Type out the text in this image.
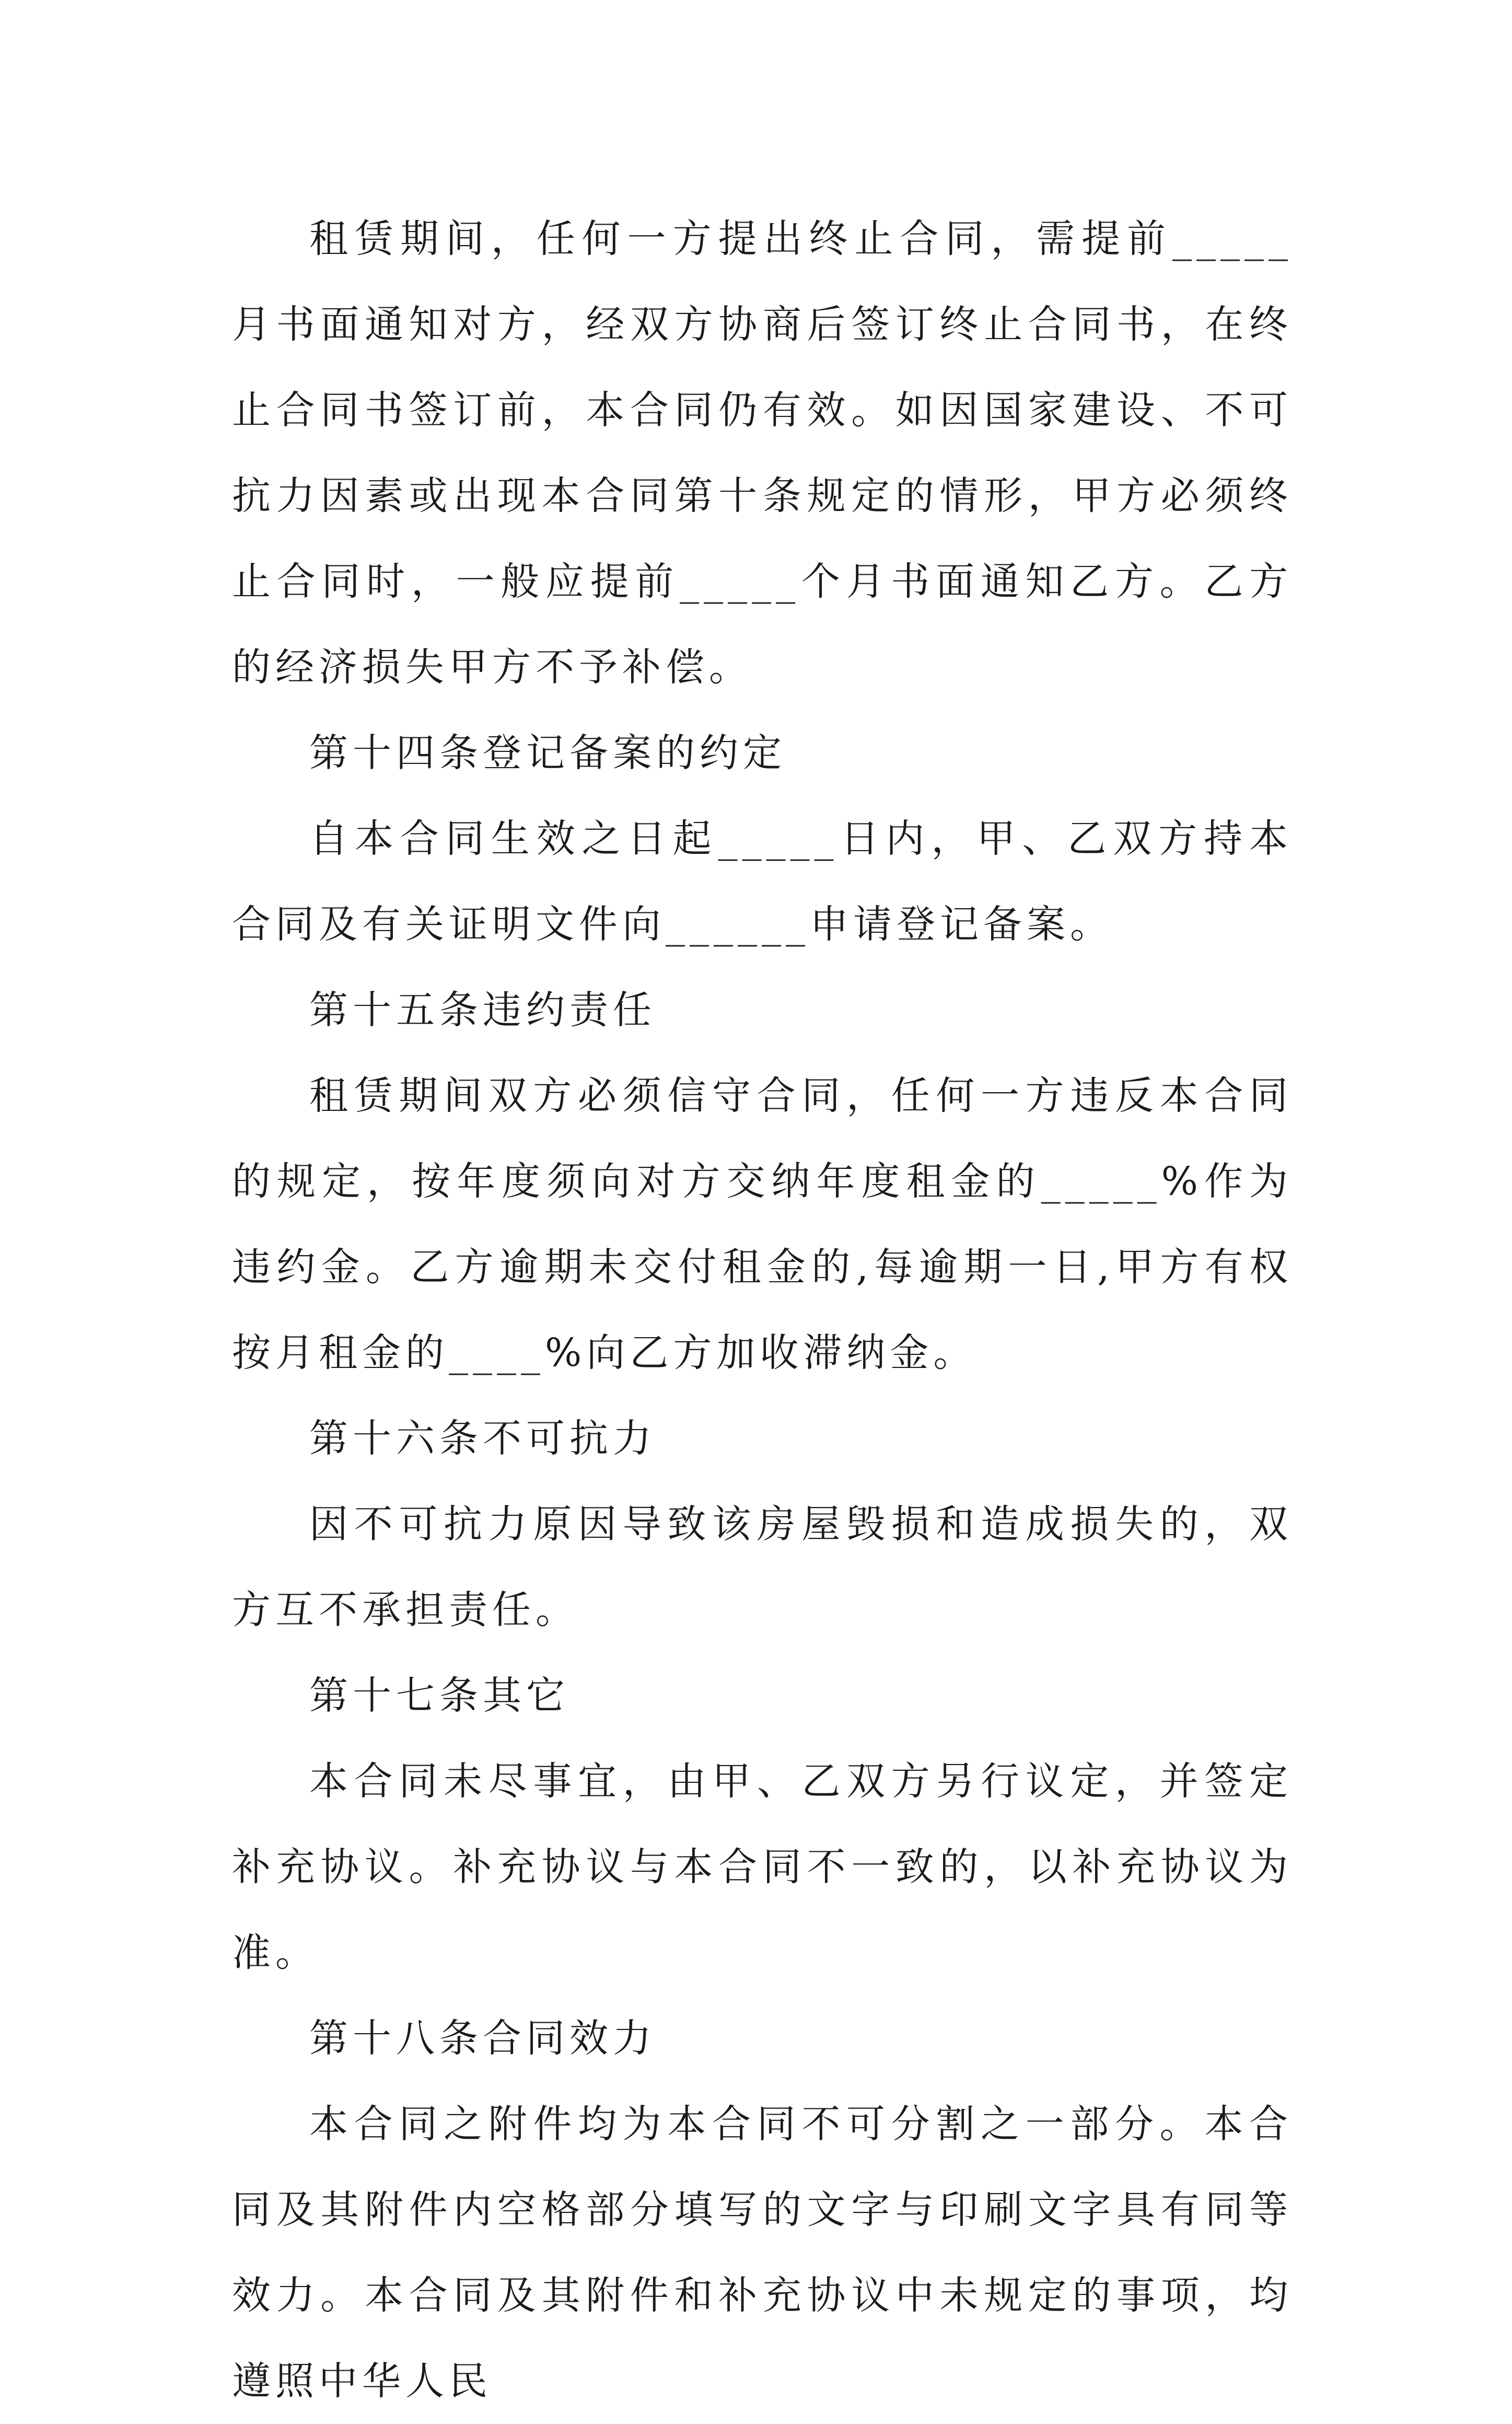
租赁期间，任何一方提出终止合同，需提前_____月书面通知对方，经双方协商后签订终止合同书，在终止合同书签订前，本合同仍有效。如因国家建设、不可抗力因素或出现本合同第十条规定的情形，甲方必须终止合同时，一般应提前_____个月书面通知乙方。乙方的经济损失甲方不予补偿。

第十四条登记备案的约定

自本合同生效之日起_____日内，甲、乙双方持本合同及有关证明文件向______申请登记备案。

第十五条违约责任

租赁期间双方必须信守合同，任何一方违反本合同的规定，按年度须向对方交纳年度租金的_____%作为违约金。乙方逾期未交付租金的,每逾期一日,甲方有权按月租金的____%向乙方加收滞纳金。

第十六条不可抗力

因不可抗力原因导致该房屋毁损和造成损失的，双方互不承担责任。

第十七条其它

本合同未尽事宜，由甲、乙双方另行议定，并签定补充协议。补充协议与本合同不一致的，以补充协议为准。

第十八条合同效力

本合同之附件均为本合同不可分割之一部分。本合同及其附件内空格部分填写的文字与印刷文字具有同等效力。本合同及其附件和补充协议中未规定的事项，均遵照中华人民
